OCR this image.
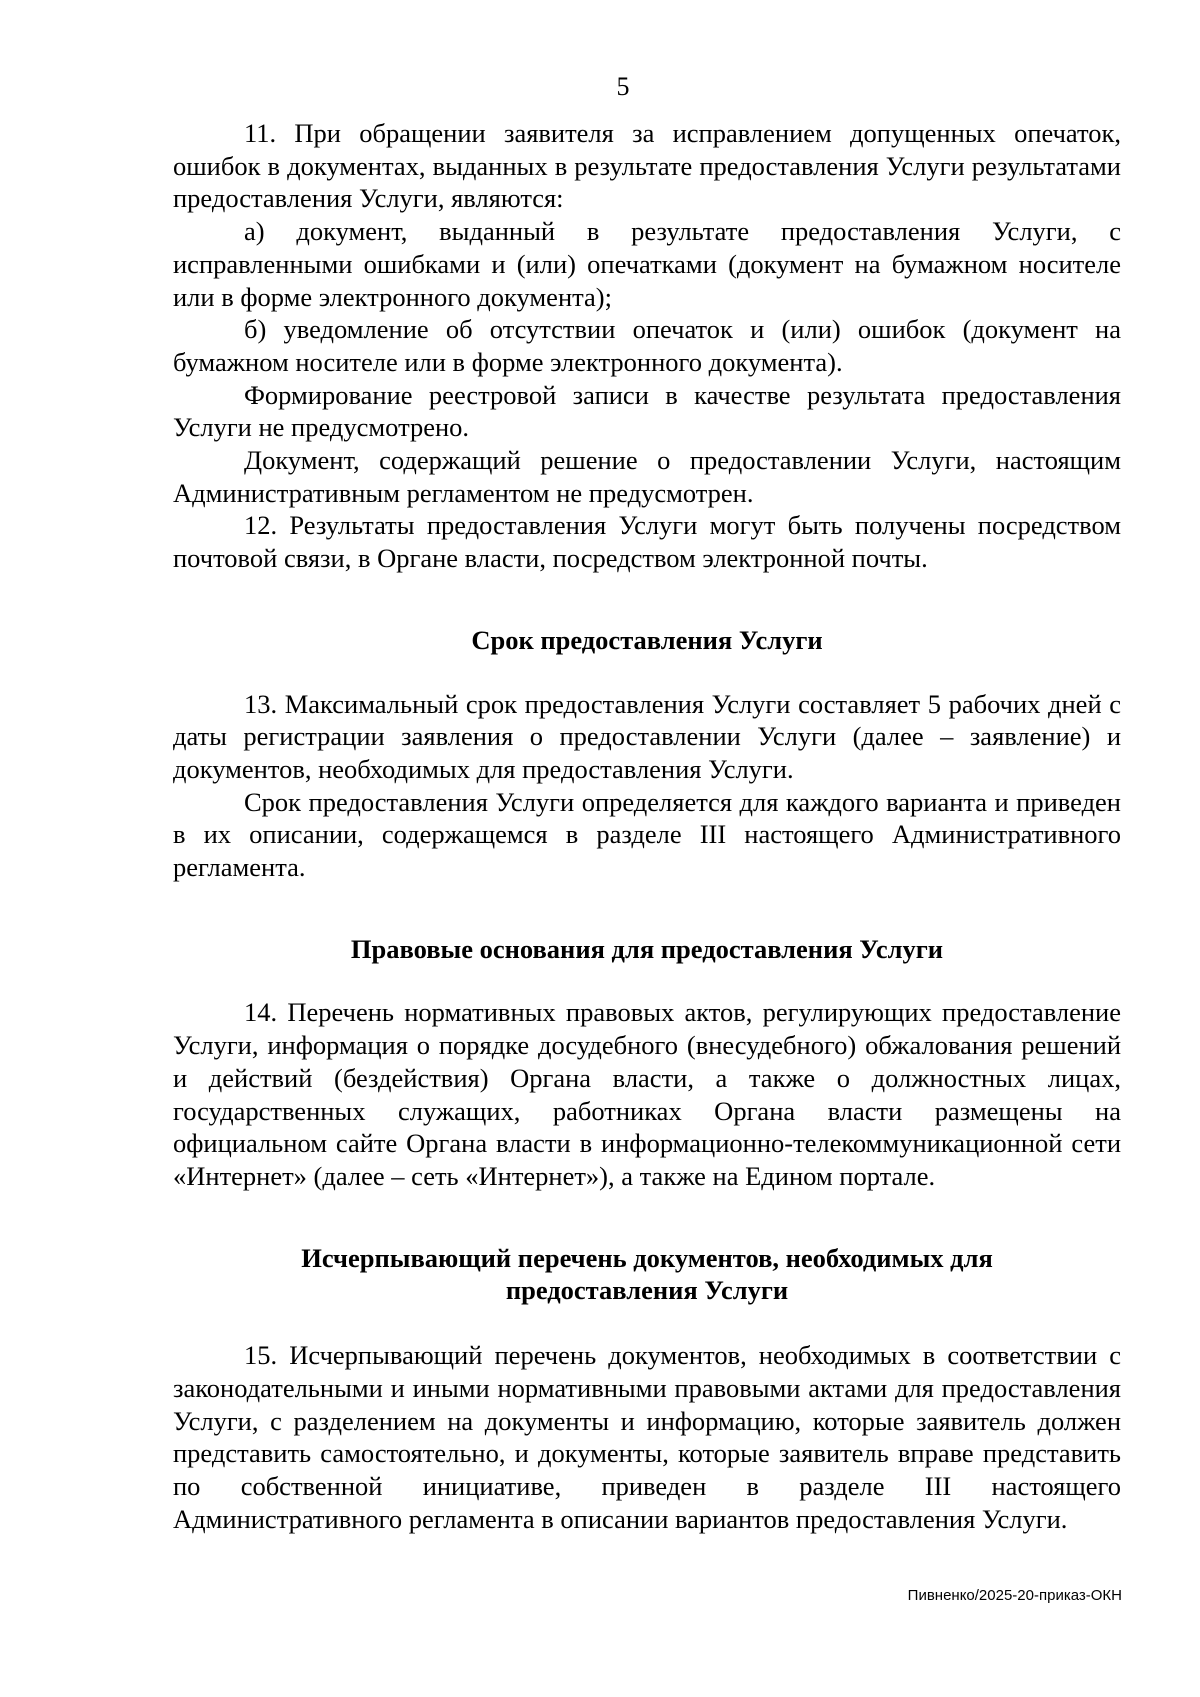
5

11. При обращении заявителя за исправлением допущенных опечаток, ошибок в документах, выданных в результате предоставления Услуги результатами предоставления Услуги, являются:

а) документ, выданный в результате предоставления Услуги, с исправленными ошибками и (или) опечатками (документ на бумажном носителе или в форме электронного документа);

б) уведомление об отсутствии опечаток и (или) ошибок (документ на бумажном носителе или в форме электронного документа).

Формирование реестровой записи в качестве результата предоставления Услуги не предусмотрено.

Документ, содержащий решение о предоставлении Услуги, настоящим Административным регламентом не предусмотрен.

12. Результаты предоставления Услуги могут быть получены посредством почтовой связи, в Органе власти, посредством электронной почты.

Срок предоставления Услуги

13. Максимальный срок предоставления Услуги составляет 5 рабочих дней с даты регистрации заявления о предоставлении Услуги (далее – заявление) и документов, необходимых для предоставления Услуги.

Срок предоставления Услуги определяется для каждого варианта и приведен в их описании, содержащемся в разделе III настоящего Административного регламента.

Правовые основания для предоставления Услуги

14. Перечень нормативных правовых актов, регулирующих предоставление Услуги, информация о порядке досудебного (внесудебного) обжалования решений и действий (бездействия) Органа власти, а также о должностных лицах, государственных служащих, работниках Органа власти размещены на официальном сайте Органа власти в информационно-телекоммуникационной сети «Интернет» (далее – сеть «Интернет»), а также на Едином портале.

Исчерпывающий перечень документов, необходимых для
предоставления Услуги

15. Исчерпывающий перечень документов, необходимых в соответствии с законодательными и иными нормативными правовыми актами для предоставления Услуги, с разделением на документы и информацию, которые заявитель должен представить самостоятельно, и документы, которые заявитель вправе представить по собственной инициативе, приведен в разделе III настоящего Административного регламента в описании вариантов предоставления Услуги.

Пивненко/2025-20-приказ-ОКН
